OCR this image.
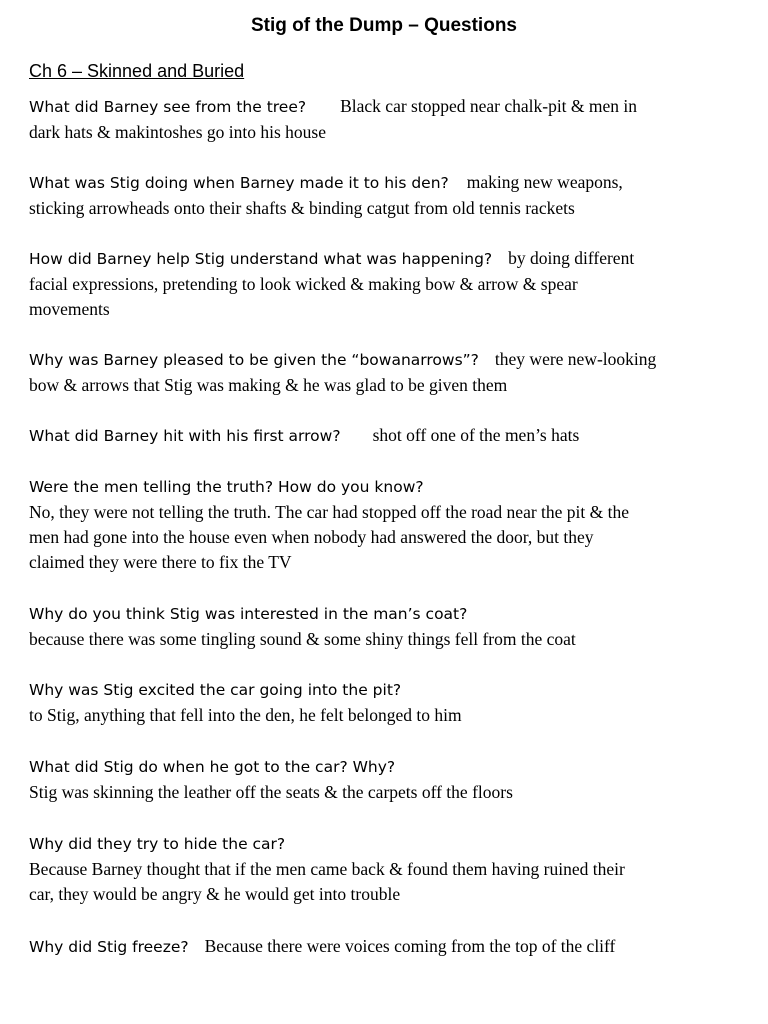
Stig of the Dump – Questions
Ch 6 – Skinned and Buried
What did Barney see from the tree? Black car stopped near chalk-pit & men in
dark hats & makintoshes go into his house
What was Stig doing when Barney made it to his den? making new weapons,
sticking arrowheads onto their shafts & binding catgut from old tennis rackets
How did Barney help Stig understand what was happening? by doing different
facial expressions, pretending to look wicked & making bow & arrow & spear
movements
Why was Barney pleased to be given the “bowanarrows”? they were new-looking
bow & arrows that Stig was making & he was glad to be given them
What did Barney hit with his first arrow? shot off one of the men’s hats
Were the men telling the truth? How do you know?
No, they were not telling the truth. The car had stopped off the road near the pit & the
men had gone into the house even when nobody had answered the door, but they
claimed they were there to fix the TV
Why do you think Stig was interested in the man’s coat?
because there was some tingling sound & some shiny things fell from the coat
Why was Stig excited the car going into the pit?
to Stig, anything that fell into the den, he felt belonged to him
What did Stig do when he got to the car? Why?
Stig was skinning the leather off the seats & the carpets off the floors
Why did they try to hide the car?
Because Barney thought that if the men came back & found them having ruined their
car, they would be angry & he would get into trouble
Why did Stig freeze? Because there were voices coming from the top of the cliff
